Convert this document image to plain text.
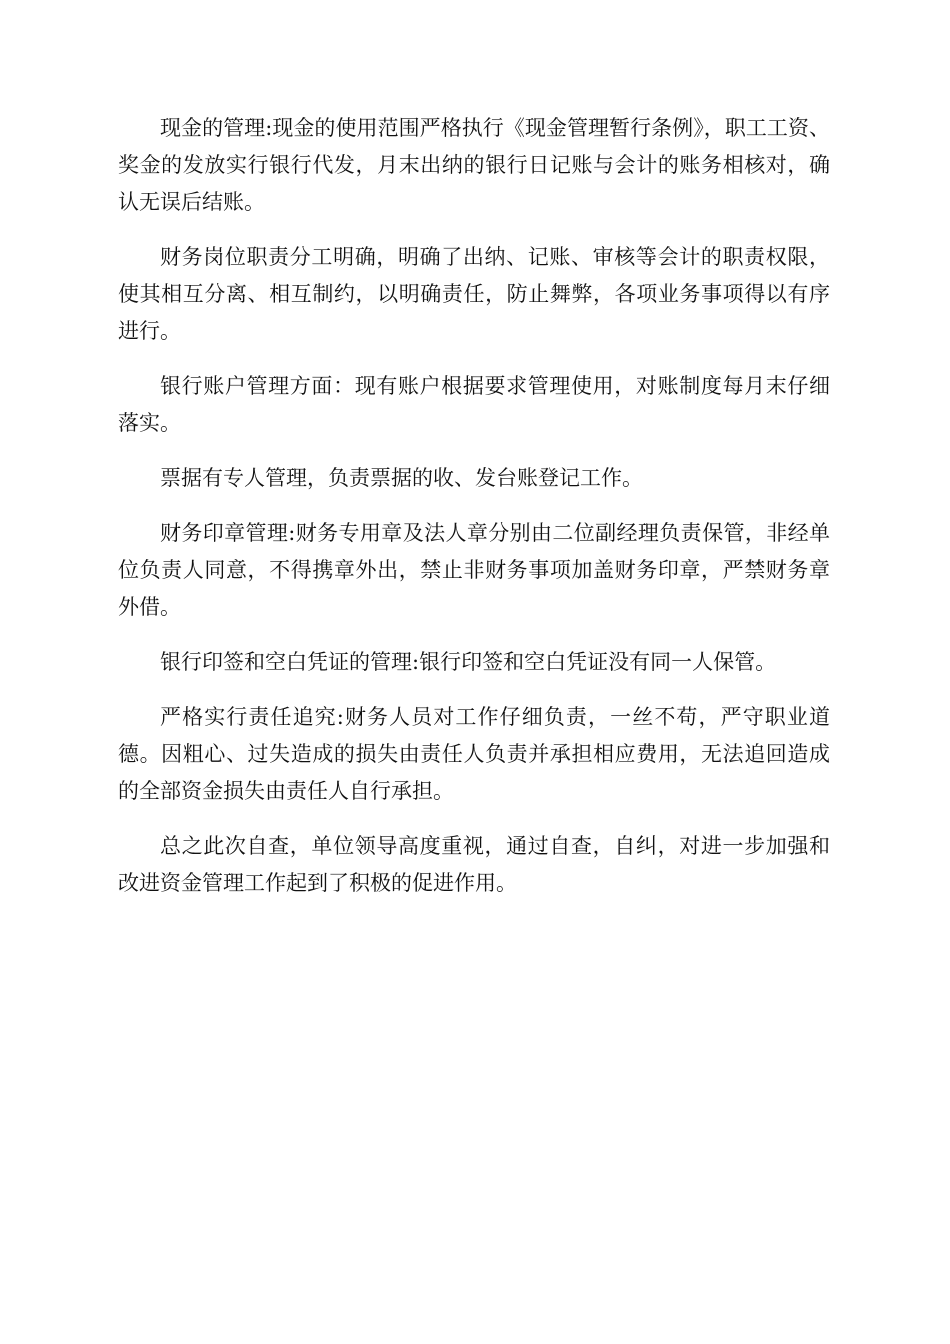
现金的管理:现金的使用范围严格执行《现金管理暂行条例》，职工工资、奖金的发放实行银行代发，月末出纳的银行日记账与会计的账务相核对，确认无误后结账。

财务岗位职责分工明确，明确了出纳、记账、审核等会计的职责权限，使其相互分离、相互制约，以明确责任，防止舞弊，各项业务事项得以有序进行。

银行账户管理方面：现有账户根据要求管理使用，对账制度每月末仔细落实。

票据有专人管理，负责票据的收、发台账登记工作。

财务印章管理:财务专用章及法人章分别由二位副经理负责保管，非经单位负责人同意，不得携章外出，禁止非财务事项加盖财务印章，严禁财务章外借。

银行印签和空白凭证的管理:银行印签和空白凭证没有同一人保管。

严格实行责任追究:财务人员对工作仔细负责，一丝不苟，严守职业道德。因粗心、过失造成的损失由责任人负责并承担相应费用，无法追回造成的全部资金损失由责任人自行承担。

总之此次自查，单位领导高度重视，通过自查，自纠，对进一步加强和改进资金管理工作起到了积极的促进作用。
